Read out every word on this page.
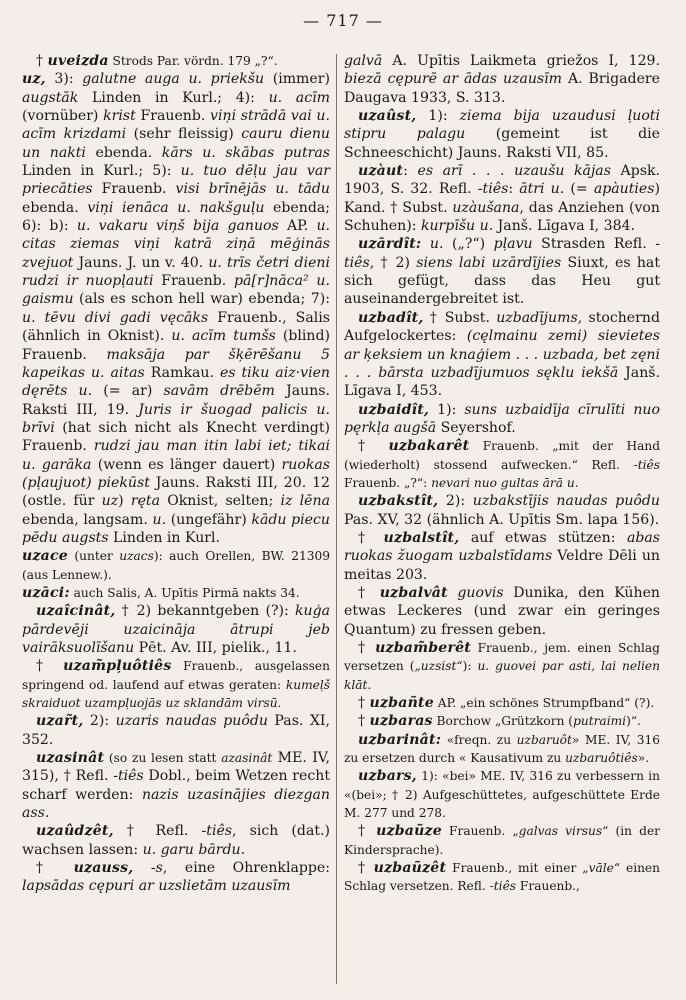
— 717 —

† uveizda Strods Par. vördn. 179 „?“.

uz, 3): galutne auga u. priekšu (immer) augstāk Linden in Kurl.; 4): u. acīm (vornüber) krist Frauenb. viņi strādā vai u. acīm krizdami (sehr fleissig) cauru dienu un nakti ebenda. kārs u. skābas putras Linden in Kurl.; 5): u. tuo dēļu jau var priecāties Frauenb. visi brīnējās u. tādu ebenda. viņi ienāca u. nakšguļu ebenda; 6): b): u. vakaru viņš bija ganuos AP. u. citas ziemas viņi katrā ziņā mēģinās zvejuot Jauns. J. un v. 40. u. trīs četri dieni rudzi ir nuopļauti Frauenb. pā[r]nāca² u. gaismu (als es schon hell war) ebenda; 7): u. tēvu divi gadi vęcāks Frauenb., Salis (ähnlich in Oknist). u. acīm tumšs (blind) Frauenb. maksāja par šķērēšanu 5 kapeikas u. aitas Ramkau. es tiku aiz·vien dęrēts u. (= ar) savām drēbēm Jauns. Raksti III, 19. Juris ir šuogad palicis u. brīvi (hat sich nicht als Knecht verdingt) Frauenb. rudzi jau man itin labi iet; tikai u. garāka (wenn es länger dauert) ruokas (pļaujuot) piekūst Jauns. Raksti III, 20. 12 (ostle. für uz) ręta Oknist, selten; iz lēna ebenda, langsam. u. (ungefähr) kādu piecu pēdu augsts Linden in Kurl.

uzace (unter uzacs): auch Orellen, BW. 21309 (aus Lennew.).

uzāci: auch Salis, A. Upītis Pirmā nakts 34.

uzaîcinât, † 2) bekanntgeben (?): kuģa pārdevēji uzaicināja ātrupi jeb vairāksuolīšanu Pēt. Av. III, pielik., 11.

† uzam̃pļuôtiês Frauenb., ausgelassen springend od. laufend auf etwas geraten: kumeļš skraiduot uzampļuojās uz sklandām virsū.

uzar̃t, 2): uzaris naudas puôdu Pas. XI, 352.

uzasinât (so zu lesen statt azasinât ME. IV, 315), † Refl. -tiês Dobl., beim Wetzen recht scharf werden: nazis uzasinājies diezgan ass.

uzaûdzêt, † Refl. -tiês, sich (dat.) wachsen lassen: u. garu bārdu.

† uzauss, -s, eine Ohrenklappe: lapsādas cępuri ar uzslietām uzausīm

galvā A. Upītis Laikmeta griežos I, 129. biezā cępurē ar ādas uzausīm A. Brigadere Daugava 1933, S. 313.

uzaûst, 1): ziema bija uzaudusi ļuoti stipru palagu (gemeint ist die Schneeschicht) Jauns. Raksti VII, 85.

uzàut: es arī . . . uzaušu kājas Apsk. 1903, S. 32. Refl. -tiês: ātri u. (= apàuties) Kand. † Subst. uzàušana, das Anziehen (von Schuhen): kurpīšu u. Janš. Līgava I, 384.

uzārdît: u. („?“) pļavu Strasden Refl. -tiês, † 2) siens labi uzārdījies Siuxt, es hat sich gefügt, dass das Heu gut auseinandergebreitet ist.

uzbadît, † Subst. uzbadījums, stochernd Aufgelockertes: (cęlmainu zemi) sievietes ar ķeksiem un knaģiem . . . uzbada, bet zęni . . . bārsta uzbadījumuos sęklu iekšā Janš. Līgava I, 453.

uzbaidît, 1): suns uzbaidīja cīrulīti nuo pęrkļa augšā Seyershof.

† uzbakarêt Frauenb. „mit der Hand (wiederholt) stossend aufwecken.“ Refl. -tiês Frauenb. „?“: nevari nuo gultas ārā u.

uzbakstît, 2): uzbakstījis naudas puôdu Pas. XV, 32 (ähnlich A. Upītis Sm. lapa 156).

† uzbalstît, auf etwas stützen: abas ruokas žuogam uzbalstīdams Veldre Dēli un meitas 203.

† uzbalvât guovis Dunika, den Kühen etwas Leckeres (und zwar ein geringes Quantum) zu fressen geben.

† uzbam̃berêt Frauenb., jem. einen Schlag versetzen („uzsist“): u. guovei par asti, lai nelien klāt.

† uzbañte AP. „ein schönes Strumpfband“ (?).

† uzbaras Borchow „Grützkorn (putraimi)“.

uzbarinât: «freqn. zu uzbaruôt» ME. IV, 316 zu ersetzen durch « Kausativum zu uzbaruôtiês».

uzbars, 1): «bei» ME. IV, 316 zu verbessern in «(bei»; † 2) Aufgeschüttetes, aufgeschüttete Erde M. 277 und 278.

† uzbaũze Frauenb. „galvas virsus“ (in der Kindersprache).

† uzbaũzêt Frauenb., mit einer „vāle“ einen Schlag versetzen. Refl. -tiês Frauenb.,
